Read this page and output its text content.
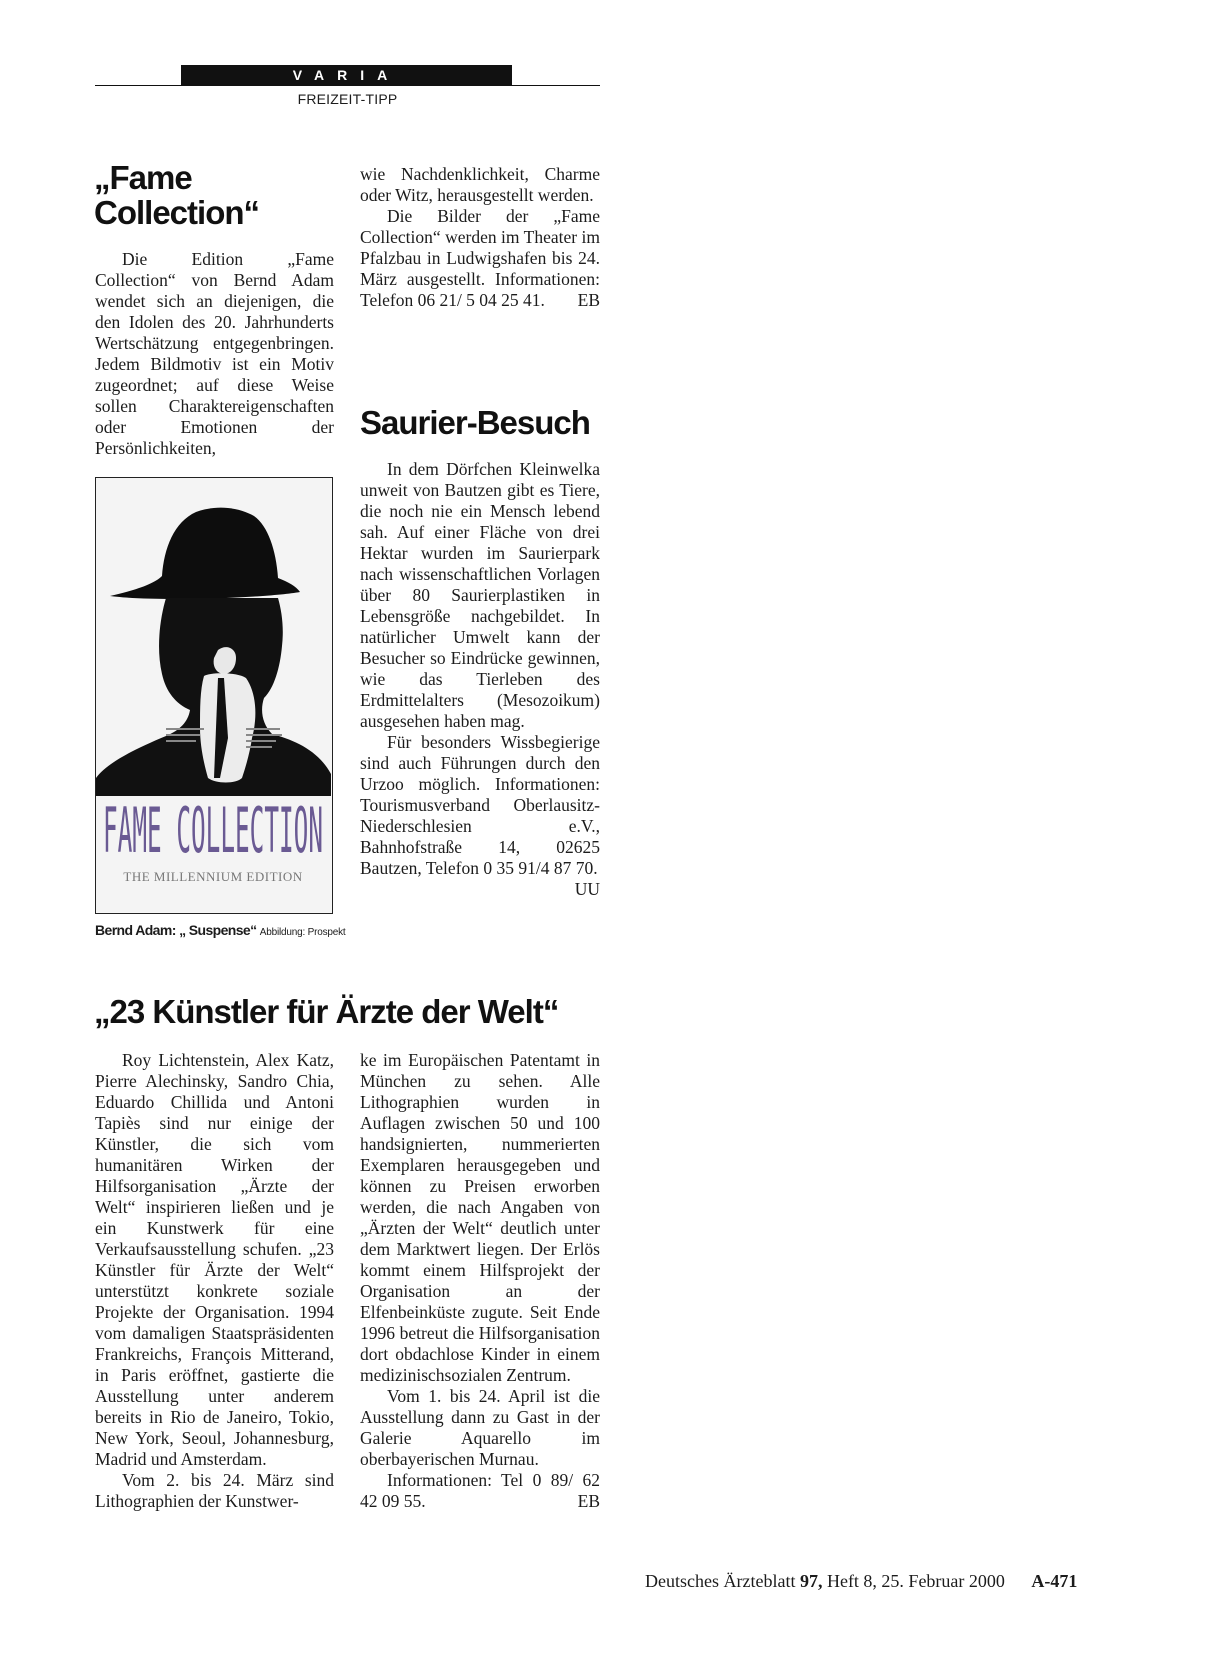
VARIA
FREIZEIT-TIPP
„Fame Collection“

Die Edition „Fame Collection“ von Bernd Adam wendet sich an diejenigen, die den Idolen des 20. Jahrhunderts Wertschätzung entgegenbringen. Jedem Bildmotiv ist ein Motiv zugeordnet; auf diese Weise sollen Charaktereigenschaften oder Emotionen der Persönlichkeiten,

FAME COLLECTION
THE MILLENNIUM EDITION
Bernd Adam: „ Suspense“ Abbildung: Prospekt

wie Nachdenklichkeit, Charme oder Witz, herausgestellt werden.

Die Bilder der „Fame Collection“ werden im Theater im Pfalzbau in Ludwigshafen bis 24. März ausgestellt. Informationen: Telefon 06 21/ 5 04 25 41.	EB

Saurier-Besuch

In dem Dörfchen Kleinwelka unweit von Bautzen gibt es Tiere, die noch nie ein Mensch lebend sah. Auf einer Fläche von drei Hektar wurden im Saurierpark nach wissenschaftlichen Vorlagen über 80 Saurierplastiken in Lebensgröße nachgebildet. In natürlicher Umwelt kann der Besucher so Eindrücke gewinnen, wie das Tierleben des Erdmittelalters (Mesozoikum) ausgesehen haben mag.

Für besonders Wissbegierige sind auch Führungen durch den Urzoo möglich. Informationen: Tourismusverband Oberlausitz-Niederschlesien e.V., Bahnhofstraße 14, 02625 Bautzen, Telefon 0 35 91/4 87 70.
UU

„23 Künstler für Ärzte der Welt“

Roy Lichtenstein, Alex Katz, Pierre Alechinsky, Sandro Chia, Eduardo Chillida und Antoni Tapiès sind nur einige der Künstler, die sich vom humanitären Wirken der Hilfsorganisation „Ärzte der Welt“ inspirieren ließen und je ein Kunstwerk für eine Verkaufsausstellung schufen. „23 Künstler für Ärzte der Welt“ unterstützt konkrete soziale Projekte der Organisation. 1994 vom damaligen Staatspräsidenten Frankreichs, François Mitterand, in Paris eröffnet, gastierte die Ausstellung unter anderem bereits in Rio de Janeiro, Tokio, New York, Seoul, Johannesburg, Madrid und Amsterdam.

Vom 2. bis 24. März sind Lithographien der Kunstwer-

ke im Europäischen Patentamt in München zu sehen. Alle Lithographien wurden in Auflagen zwischen 50 und 100 handsignierten, nummerierten Exemplaren herausgegeben und können zu Preisen erworben werden, die nach Angaben von „Ärzten der Welt“ deutlich unter dem Marktwert liegen. Der Erlös kommt einem Hilfsprojekt der Organisation an der Elfenbeinküste zugute. Seit Ende 1996 betreut die Hilfsorganisation dort obdachlose Kinder in einem medizinischsozialen Zentrum.

Vom 1. bis 24. April ist die Ausstellung dann zu Gast in der Galerie Aquarello im oberbayerischen Murnau.

Informationen: Tel 0 89/ 62 42 09 55.	EB

Deutsches Ärzteblatt 97, Heft 8, 25. Februar 2000 A-471
